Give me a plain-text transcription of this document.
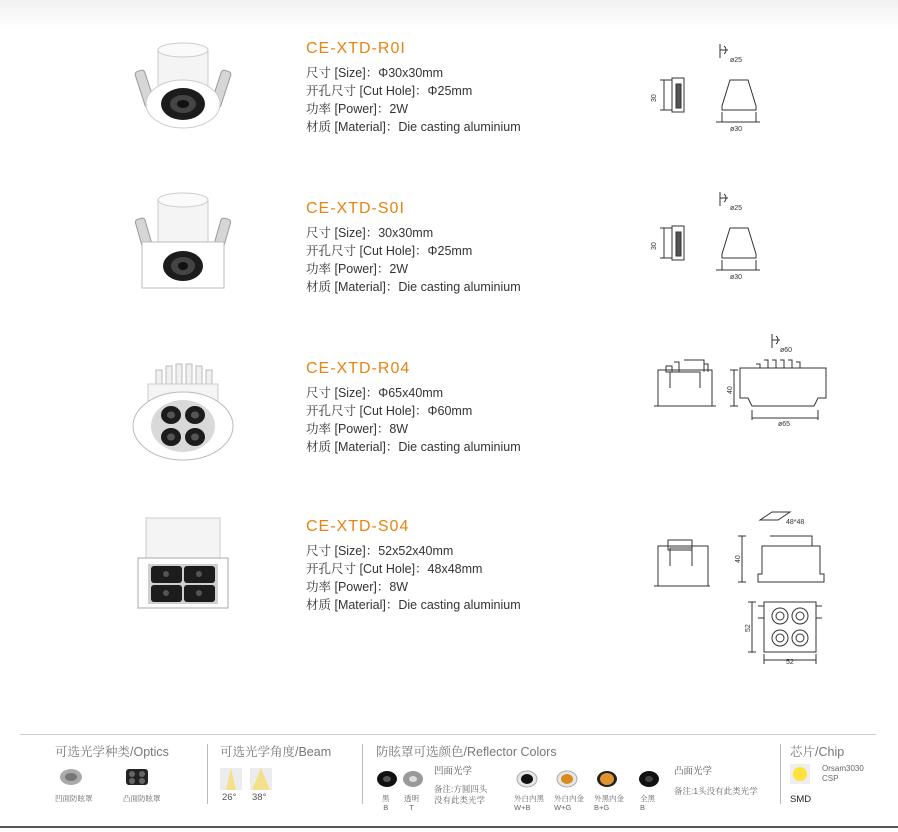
CE-XTD-R0I
尺寸 [Size]：Φ30x30mm
开孔尺寸 [Cut Hole]：Φ25mm
功率 [Power]：2W
材质 [Material]：Die casting aluminium
ø25
30
ø30
CE-XTD-S0I
尺寸 [Size]：30x30mm
开孔尺寸 [Cut Hole]：Φ25mm
功率 [Power]：2W
材质 [Material]：Die casting aluminium
ø25
30
ø30
CE-XTD-R04
尺寸 [Size]：Φ65x40mm
开孔尺寸 [Cut Hole]：Φ60mm
功率 [Power]：8W
材质 [Material]：Die casting aluminium
ø60
40
ø65
CE-XTD-S04
尺寸 [Size]：52x52x40mm
开孔尺寸 [Cut Hole]：48x48mm
功率 [Power]：8W
材质 [Material]：Die casting aluminium
48*48
40
52
52
可选光学种类/Optics
凹面防眩罩	凸面防眩罩
可选光学角度/Beam
26° 38°
防眩罩可选颜色/Reflector Colors
黑
B
透明
T
凹面光学
备注:方圆四头
没有此类光学	外白内黑
W+B
外白内金
W+G
外黑内金
B+G
全黑
B
凸面光学
备注:1头没有此类光学
芯片/Chip
Orsam3030
CSP
SMD
